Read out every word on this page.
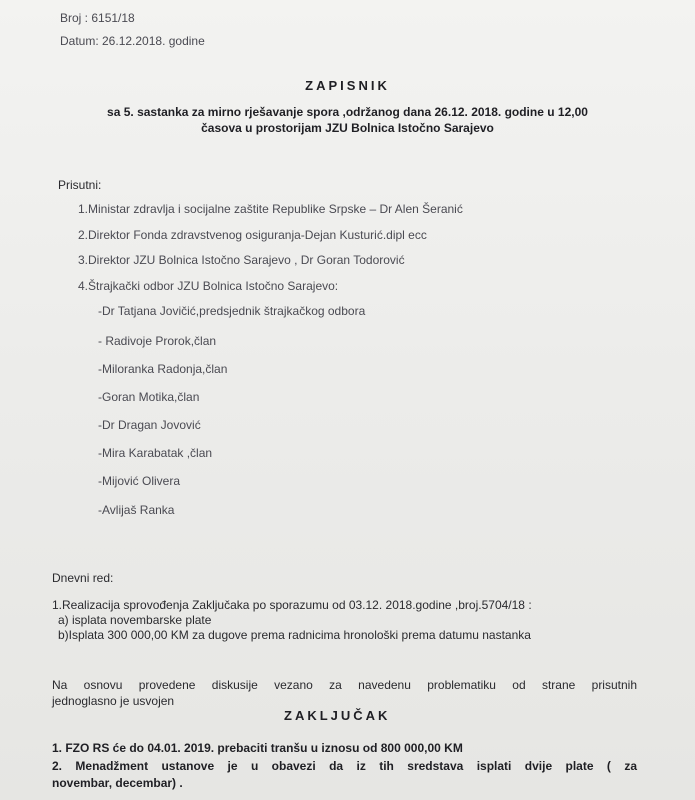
Broj : 6151/18
Datum: 26.12.2018. godine
ZAPISNIK
sa 5. sastanka za mirno rješavanje spora ,održanog dana 26.12. 2018. godine u 12,00
časova u prostorijam JZU Bolnica Istočno Sarajevo
Prisutni:
1.Ministar zdravlja i socijalne zaštite Republike Srpske – Dr Alen Šeranić
2.Direktor Fonda zdravstvenog osiguranja-Dejan Kusturić.dipl ecc
3.Direktor JZU Bolnica Istočno Sarajevo , Dr Goran Todorović
4.Štrajkački odbor JZU Bolnica Istočno Sarajevo:
-Dr Tatjana Jovičić,predsjednik štrajkačkog odbora
- Radivoje Prorok,član
-Miloranka Radonja,član
-Goran Motika,član
-Dr Dragan Jovović
-Mira Karabatak ,član
-Mijović Olivera
-Avlijaš Ranka
Dnevni red:
1.Realizacija sprovođenja Zaključaka po sporazumu od 03.12. 2018.godine ,broj.5704/18 :
a) isplata novembarske plate
b)Isplata 300 000,00 KM za dugove prema radnicima hronološki prema datumu nastanka
Na osnovu provedene diskusije vezano za navedenu problematiku od strane prisutnih
jednoglasno je usvojen
ZAKLJUČAK
1. FZO RS će do 04.01. 2019. prebaciti tranšu u iznosu od 800 000,00 KM
2. Menadžment ustanove je u obavezi da iz tih sredstava isplati dvije plate ( za
novembar, decembar) .
